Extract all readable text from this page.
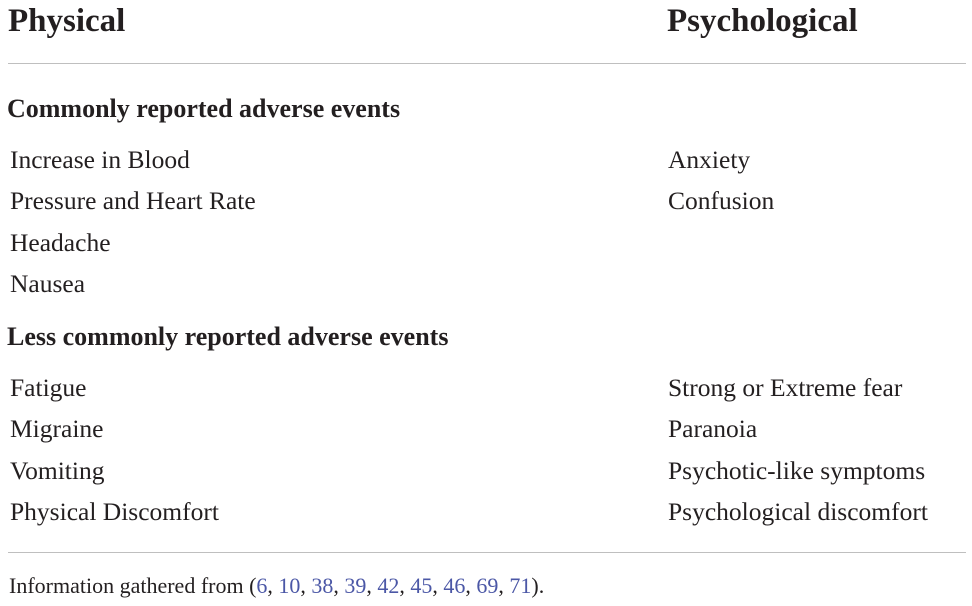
Physical	Psychological
Commonly reported adverse events
Increase in Blood
Pressure and Heart Rate
Headache
Nausea
Anxiety
Confusion
Less commonly reported adverse events
Fatigue
Migraine
Vomiting
Physical Discomfort
Strong or Extreme fear
Paranoia
Psychotic-like symptoms
Psychological discomfort
Information gathered from (6, 10, 38, 39, 42, 45, 46, 69, 71).
